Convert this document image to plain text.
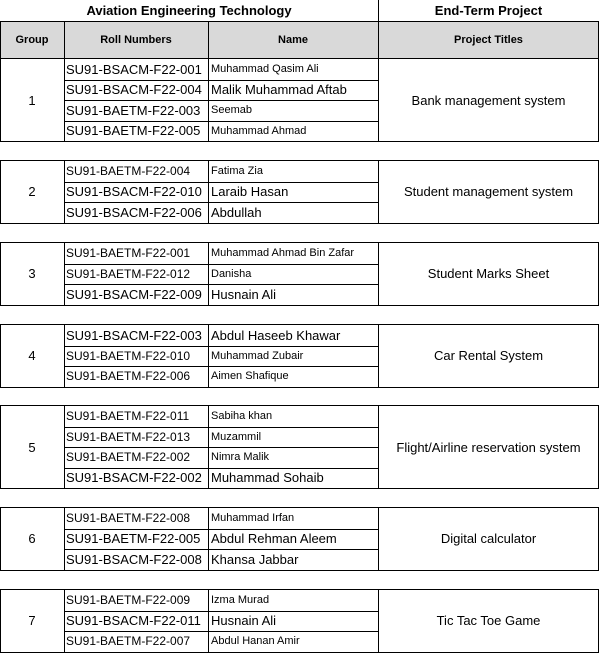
Aviation Engineering Technology	End-Term Project
Group	Roll Numbers	Name	Project Titles
1	Bank management system
SU91-BSACM-F22-001 Muhammad Qasim Ali
SU91-BSACM-F22-004 Malik Muhammad Aftab
SU91-BAETM-F22-003 Seemab
SU91-BAETM-F22-005 Muhammad Ahmad
2	Student management system
SU91-BAETM-F22-004	Fatima Zia
SU91-BSACM-F22-010 Laraib Hasan
SU91-BSACM-F22-006 Abdullah
3	Student Marks Sheet
SU91-BAETM-F22-001	Muhammad Ahmad Bin Zafar
SU91-BAETM-F22-012	Danisha
SU91-BSACM-F22-009 Husnain Ali
4	Car Rental System
SU91-BSACM-F22-003 Abdul Haseeb Khawar
SU91-BAETM-F22-010	Muhammad Zubair
SU91-BAETM-F22-006	Aimen Shafique
5	Flight/Airline reservation system
SU91-BAETM-F22-011	Sabiha khan
SU91-BAETM-F22-013	Muzammil
SU91-BAETM-F22-002	Nimra Malik
SU91-BSACM-F22-002 Muhammad Sohaib
6	Digital calculator
SU91-BAETM-F22-008	Muhammad Irfan
SU91-BAETM-F22-005 Abdul Rehman Aleem
SU91-BSACM-F22-008 Khansa Jabbar
7	Tic Tac Toe Game
SU91-BAETM-F22-009	Izma Murad
SU91-BSACM-F22-011 Husnain Ali
SU91-BAETM-F22-007	Abdul Hanan Amir
